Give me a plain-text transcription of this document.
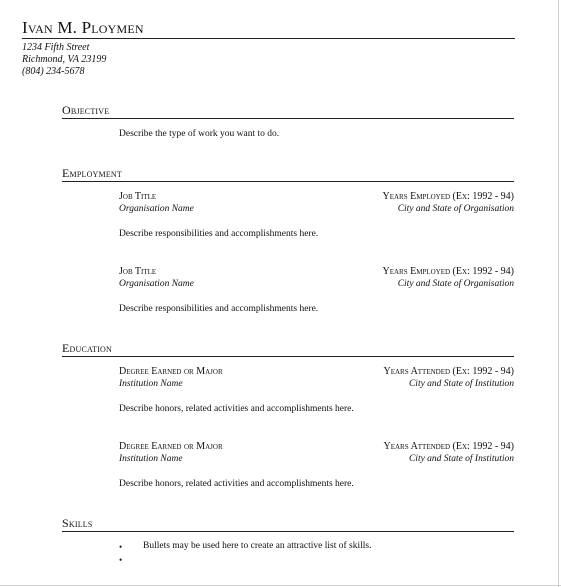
Ivan M. Ploymen
1234 Fifth Street
Richmond, VA 23199
(804) 234-5678
Objective
Describe the type of work you want to do.
Employment
Job Title	Years Employed (Ex: 1992 - 94)
Organisation Name	City and State of Organisation
Describe responsibilities and accomplishments here.
Job Title	Years Employed (Ex: 1992 - 94)
Organisation Name	City and State of Organisation
Describe responsibilities and accomplishments here.
Education
Degree Earned or Major	Years Attended (Ex: 1992 - 94)
Institution Name	City and State of Institution
Describe honors, related activities and accomplishments here.
Degree Earned or Major	Years Attended (Ex: 1992 - 94)
Institution Name	City and State of Institution
Describe honors, related activities and accomplishments here.
Skills
• Bullets may be used here to create an attractive list of skills.
•
